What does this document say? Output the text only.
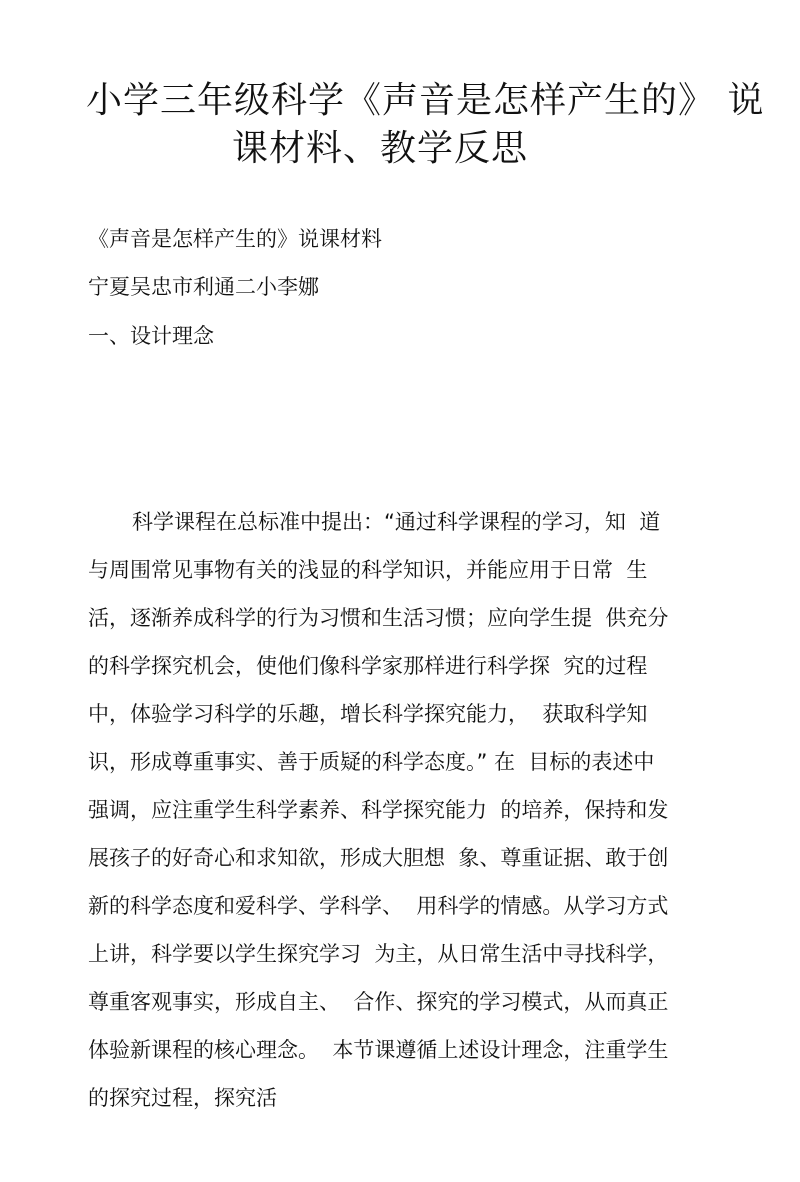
小学三年级科学《声音是怎样产生的》 说
课材料、教学反思

《声音是怎样产生的》说课材料

宁夏吴忠市利通二小李娜

一、设计理念

科学课程在总标准中提出：“通过科学课程的学习，知  道
与周围常见事物有关的浅显的科学知识，并能应用于日常  生
活，逐渐养成科学的行为习惯和生活习惯；应向学生提  供充分
的科学探究机会，使他们像科学家那样进行科学探  究的过程
中，体验学习科学的乐趣，增长科学探究能力，  获取科学知
识，形成尊重事实、善于质疑的科学态度。” 在  目标的表述中
强调，应注重学生科学素养、科学探究能力  的培养，保持和发
展孩子的好奇心和求知欲，形成大胆想  象、尊重证据、敢于创
新的科学态度和爱科学、学科学、  用科学的情感。从学习方式
上讲，科学要以学生探究学习  为主，从日常生活中寻找科学，
尊重客观事实，形成自主、  合作、探究的学习模式，从而真正
体验新课程的核心理念。  本节课遵循上述设计理念，注重学生
的探究过程，探究活
